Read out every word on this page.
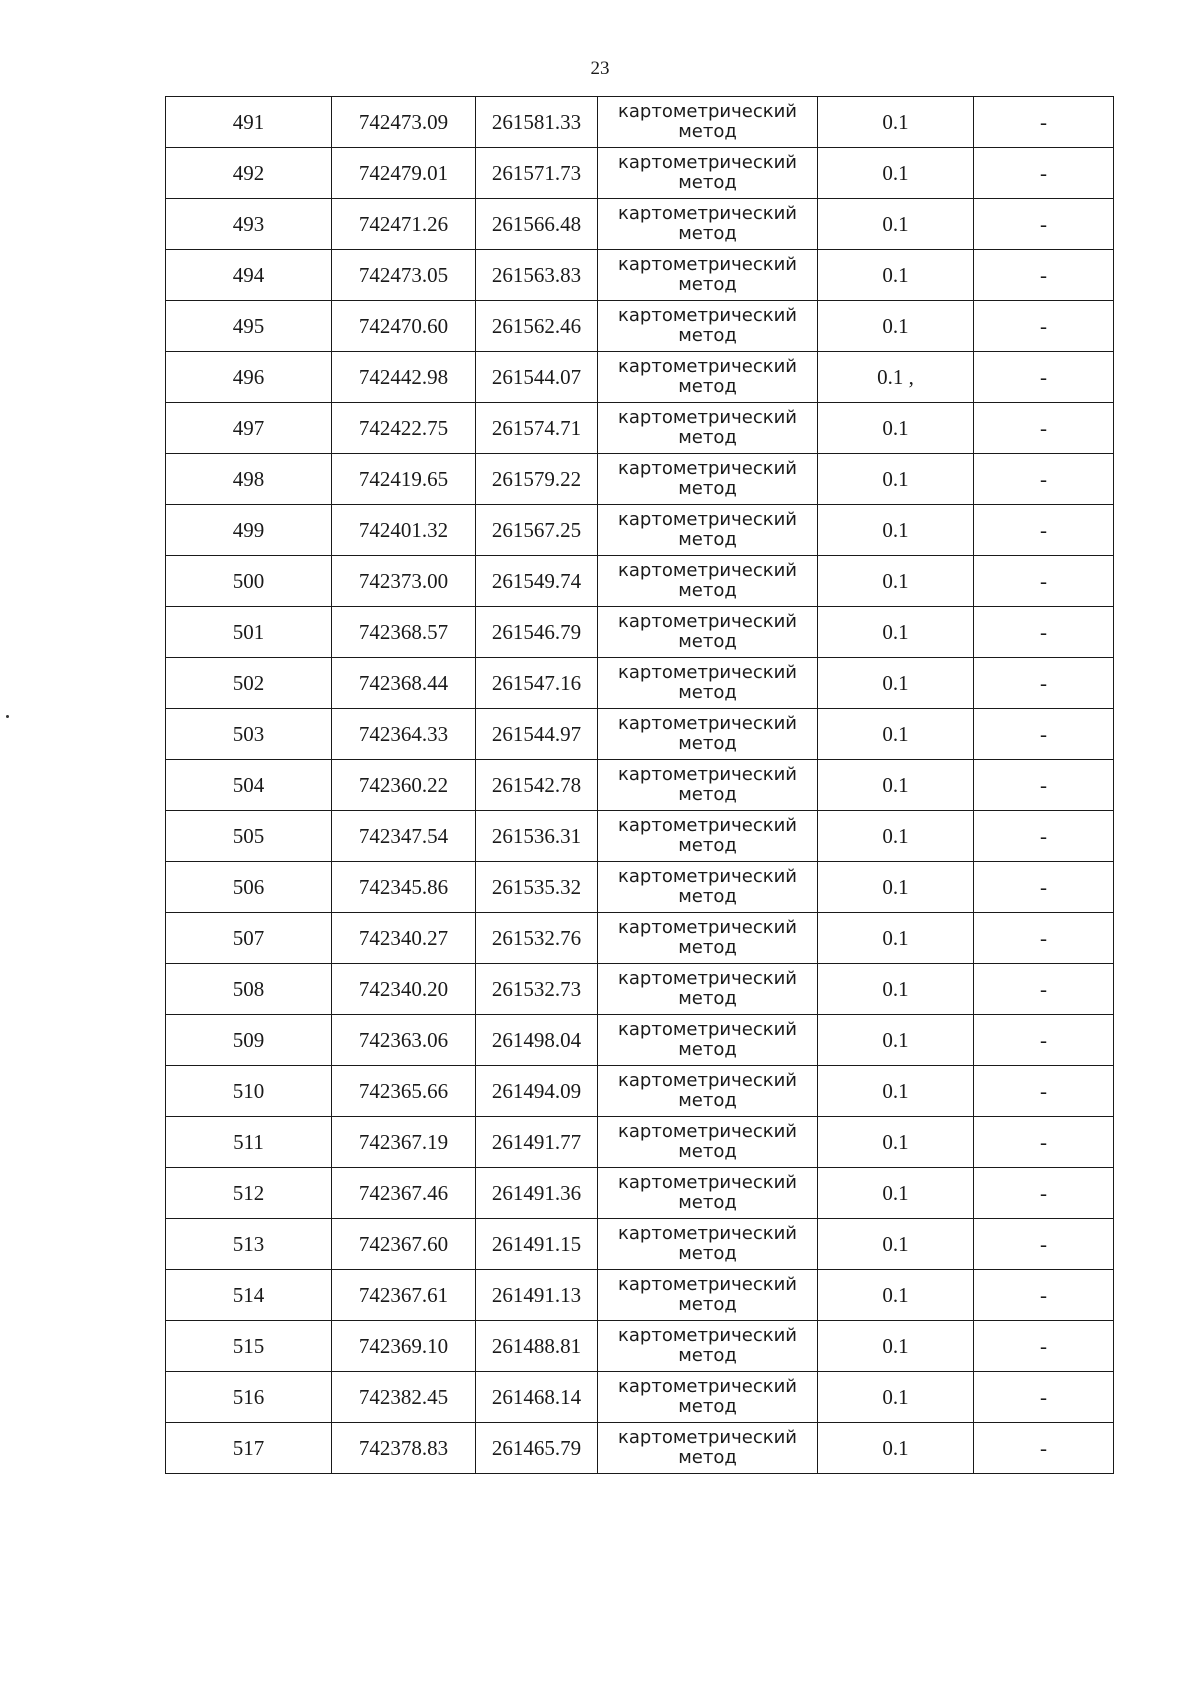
23
491	742473.09	261581.33	картометрический
метод	0.1	-
492	742479.01	261571.73	картометрический
метод	0.1	-
493	742471.26	261566.48	картометрический
метод	0.1	-
494	742473.05	261563.83	картометрический
метод	0.1	-
495	742470.60	261562.46	картометрический
метод	0.1	-
496	742442.98	261544.07	картометрический
метод	0.1 ,	-
497	742422.75	261574.71	картометрический
метод	0.1	-
498	742419.65	261579.22	картометрический
метод	0.1	-
499	742401.32	261567.25	картометрический
метод	0.1	-
500	742373.00	261549.74	картометрический
метод	0.1	-
501	742368.57	261546.79	картометрический
метод	0.1	-
502	742368.44	261547.16	картометрический
метод	0.1	-
503	742364.33	261544.97	картометрический
метод	0.1	-
504	742360.22	261542.78	картометрический
метод	0.1	-
505	742347.54	261536.31	картометрический
метод	0.1	-
506	742345.86	261535.32	картометрический
метод	0.1	-
507	742340.27	261532.76	картометрический
метод	0.1	-
508	742340.20	261532.73	картометрический
метод	0.1	-
509	742363.06	261498.04	картометрический
метод	0.1	-
510	742365.66	261494.09	картометрический
метод	0.1	-
511	742367.19	261491.77	картометрический
метод	0.1	-
512	742367.46	261491.36	картометрический
метод	0.1	-
513	742367.60	261491.15	картометрический
метод	0.1	-
514	742367.61	261491.13	картометрический
метод	0.1	-
515	742369.10	261488.81	картометрический
метод	0.1	-
516	742382.45	261468.14	картометрический
метод	0.1	-
517	742378.83	261465.79	картометрический
метод	0.1	-
